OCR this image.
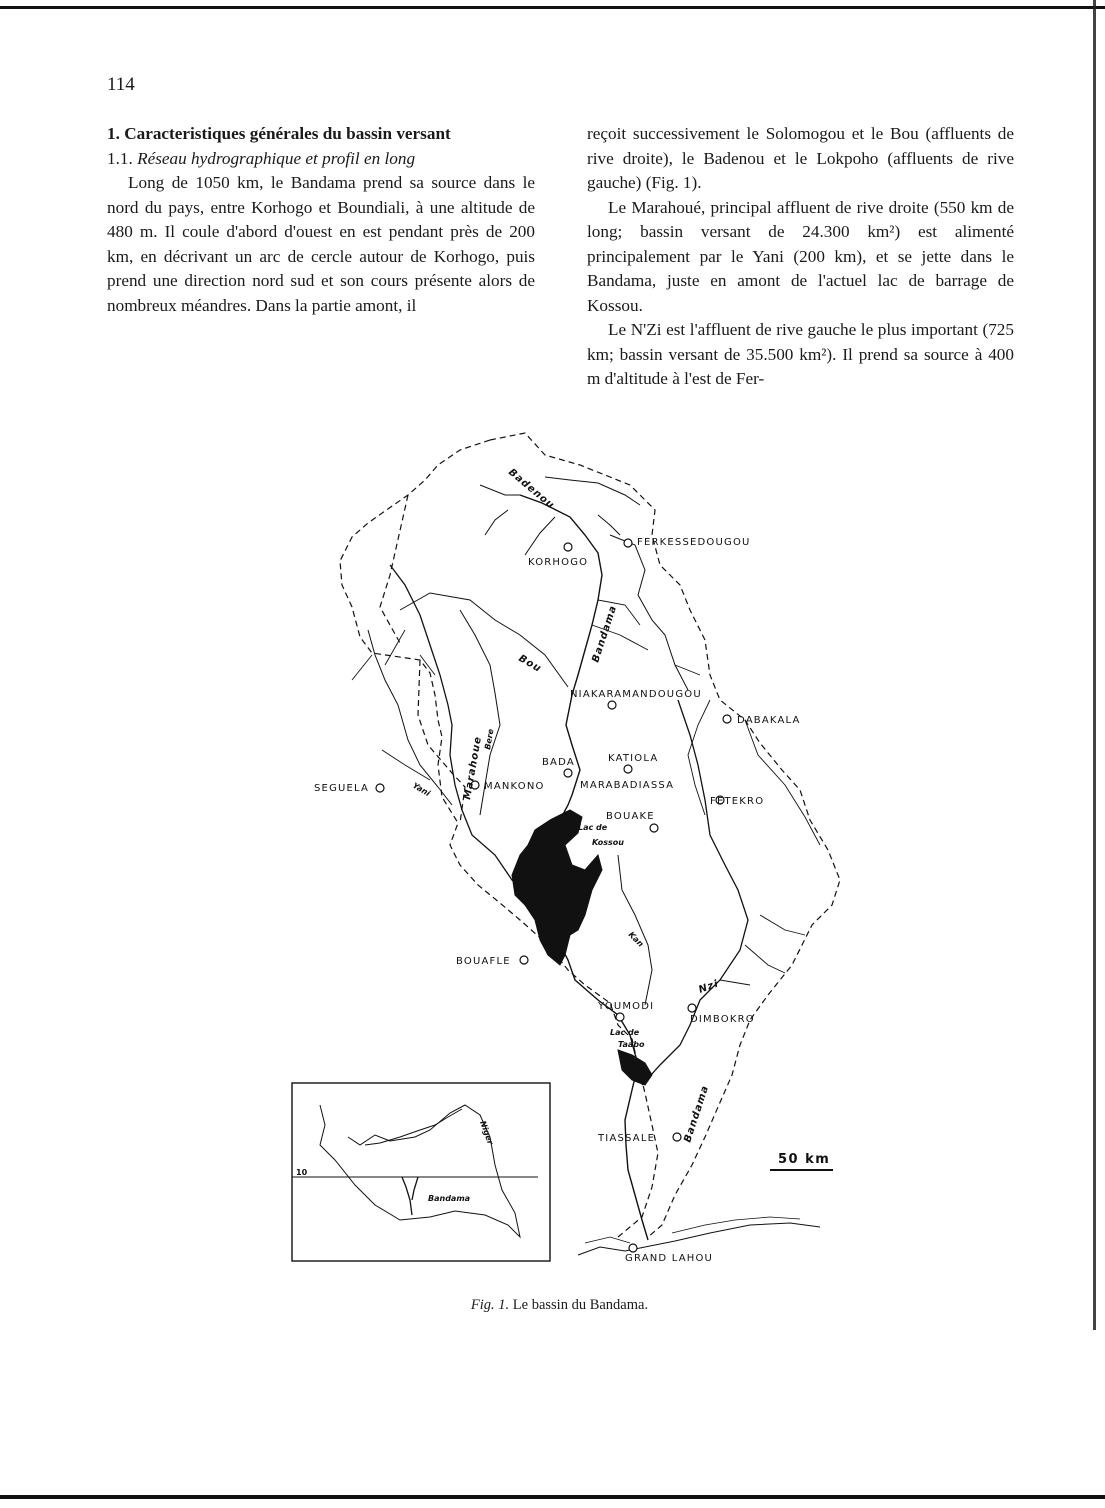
114

1. Caracteristiques générales du bassin versant

1.1. Réseau hydrographique et profil en long

Long de 1050 km, le Bandama prend sa source dans le nord du pays, entre Korhogo et Boundiali, à une altitude de 480 m. Il coule d'abord d'ouest en est pendant près de 200 km, en décrivant un arc de cercle autour de Korhogo, puis prend une direction nord sud et son cours présente alors de nombreux méandres. Dans la partie amont, il

reçoit successivement le Solomogou et le Bou (affluents de rive droite), le Badenou et le Lokpoho (affluents de rive gauche) (Fig. 1).

Le Marahoué, principal affluent de rive droite (550 km de long; bassin versant de 24.300 km²) est alimenté principalement par le Yani (200 km), et se jette dans le Bandama, juste en amont de l'actuel lac de barrage de Kossou.

Le N'Zi est l'affluent de rive gauche le plus important (725 km; bassin versant de 35.500 km²). Il prend sa source à 400 m d'altitude à l'est de Fer-

KORHOGO
FERKESSEDOUGOU
NIAKARAMANDOUGOU
DABAKALA
SEGUELA	MANKONO
BADA	KATIOLA
MARABADIASSA
FETEKRO
BOUAKE
BOUAFLE
YOUMODI
DIMBOKRO
TIASSALE
GRAND LAHOU
Badenou
Bandama
Bou
Marahoue
Bere
Yani
Kan
Nzi
Bandama
Lac de
Kossou
Lac de
Taabo
50 km
10
Niger
Bandama
Fig. 1. Le bassin du Bandama.
